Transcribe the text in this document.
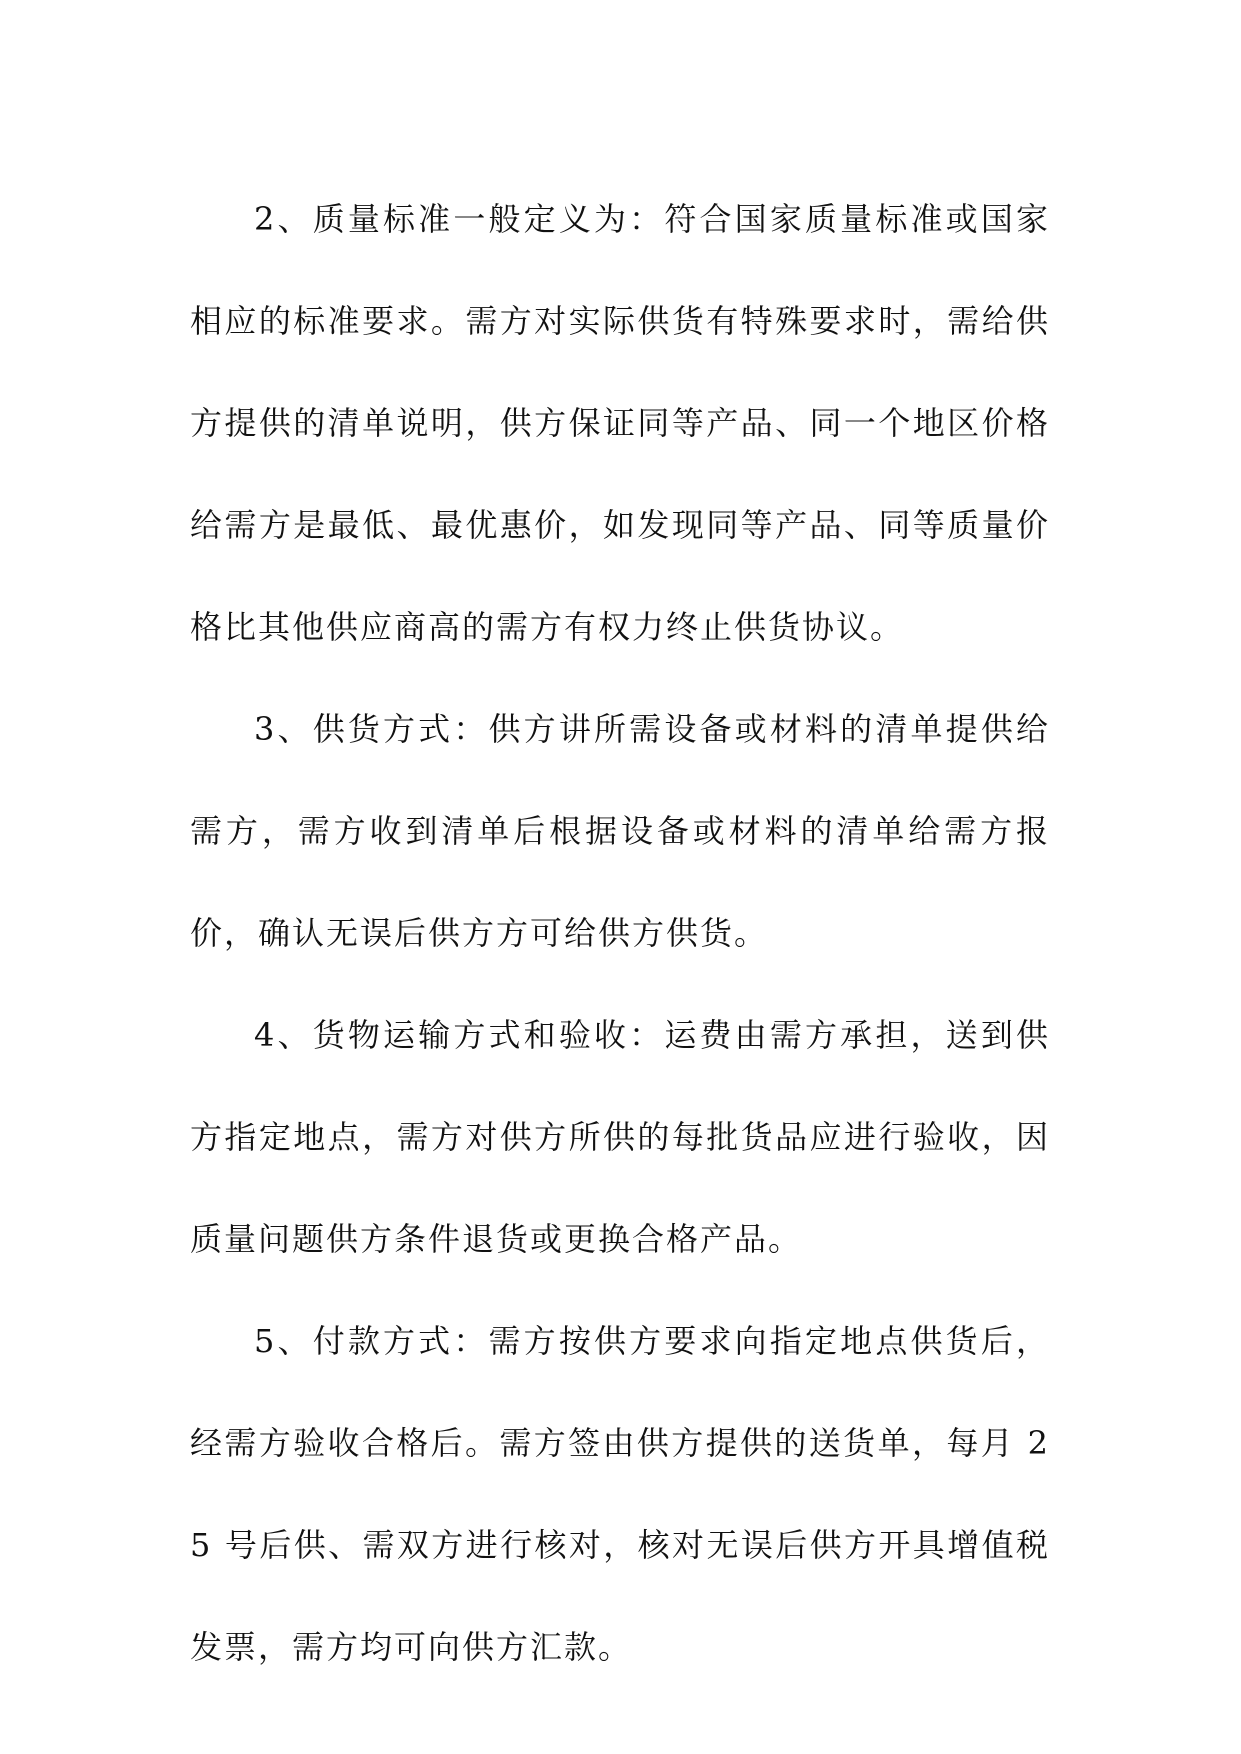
2、质量标准一般定义为：符合国家质量标准或国家相应的标准要求。需方对实际供货有特殊要求时，需给供方提供的清单说明，供方保证同等产品、同一个地区价格给需方是最低、最优惠价，如发现同等产品、同等质量价格比其他供应商高的需方有权力终止供货协议。

3、供货方式：供方讲所需设备或材料的清单提供给需方，需方收到清单后根据设备或材料的清单给需方报价，确认无误后供方方可给供方供货。

4、货物运输方式和验收：运费由需方承担，送到供方指定地点，需方对供方所供的每批货品应进行验收，因质量问题供方条件退货或更换合格产品。

5、付款方式：需方按供方要求向指定地点供货后，经需方验收合格后。需方签由供方提供的送货单，每月 25 号后供、需双方进行核对，核对无误后供方开具增值税发票，需方均可向供方汇款。
